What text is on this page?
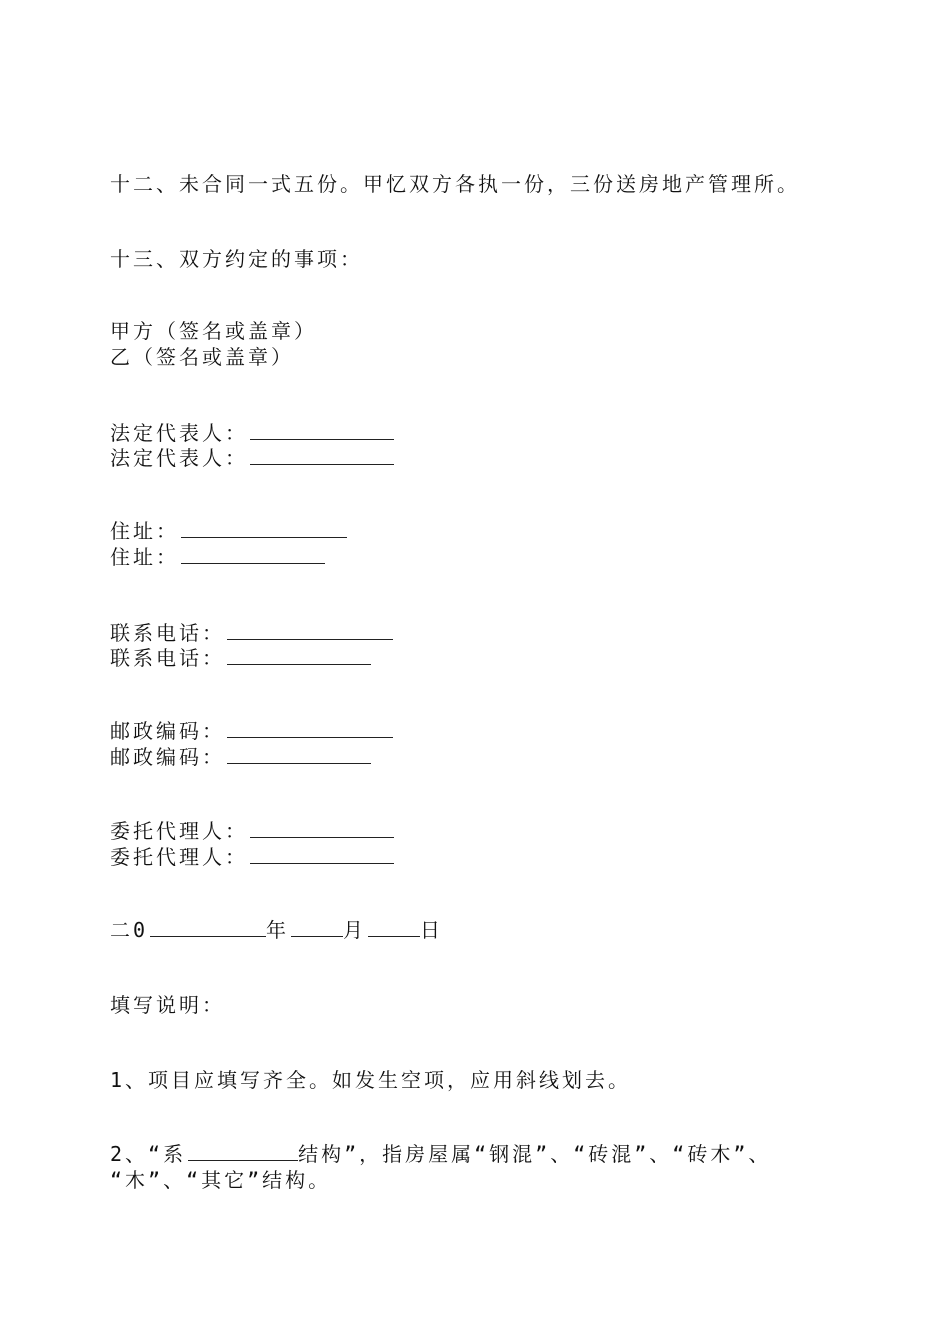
十二、未合同一式五份。甲忆双方各执一份，三份送房地产管理所。
十三、双方约定的事项：
甲方（签名或盖章）
乙（签名或盖章）
法定代表人：
法定代表人：
住址：
住址：
联系电话：
联系电话：
邮政编码：
邮政编码：
委托代理人：
委托代理人：
二0	年	月	日
填写说明：
1、项目应填写齐全。如发生空项，应用斜线划去。
2、“系	结构”，指房屋属“钢混”、“砖混”、“砖木”、
“木”、“其它”结构。
